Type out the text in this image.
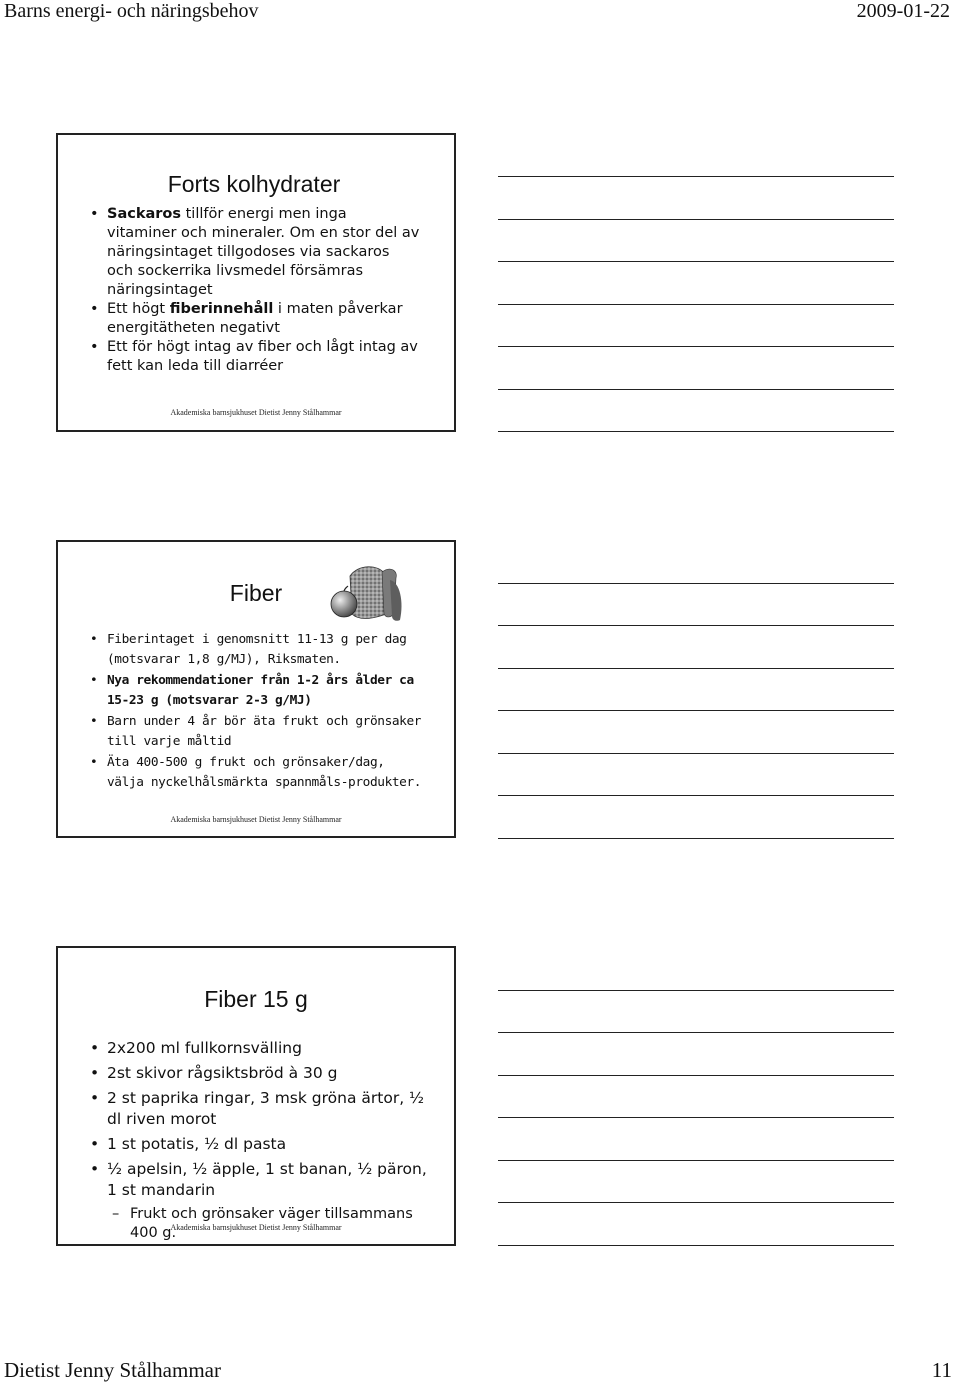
Barns energi- och näringsbehov	2009-01-22
Forts kolhydrater
• Sackaros tillför energi men inga vitaminer och mineraler. Om en stor del av näringsintaget tillgodoses via sackaros och sockerrika livsmedel försämras näringsintaget
• Ett högt fiberinnehåll i maten påverkar energitätheten negativt
• Ett för högt intag av fiber och lågt intag av fett kan leda till diarréer
Akademiska barnsjukhuset Dietist Jenny Stålhammar
Fiber
• Fiberintaget i genomsnitt 11-13 g per dag (motsvarar 1,8 g/MJ), Riksmaten.
• Nya rekommendationer från 1-2 års ålder ca 15-23 g (motsvarar 2-3 g/MJ)
• Barn under 4 år bör äta frukt och grönsaker till varje måltid
• Äta 400-500 g frukt och grönsaker/dag, välja nyckelhålsmärkta spannmåls-produkter.
Akademiska barnsjukhuset Dietist Jenny Stålhammar
Fiber 15 g
• 2x200 ml fullkornsvälling
• 2st skivor rågsiktsbröd à 30 g
• 2 st paprika ringar, 3 msk gröna ärtor, ½ dl riven morot
• 1 st potatis, ½ dl pasta
• ½ apelsin, ½ äpple, 1 st banan, ½ päron, 1 st mandarin
– Frukt och grönsaker väger tillsammans 400 g.
Akademiska barnsjukhuset Dietist Jenny Stålhammar
Dietist Jenny Stålhammar	11
